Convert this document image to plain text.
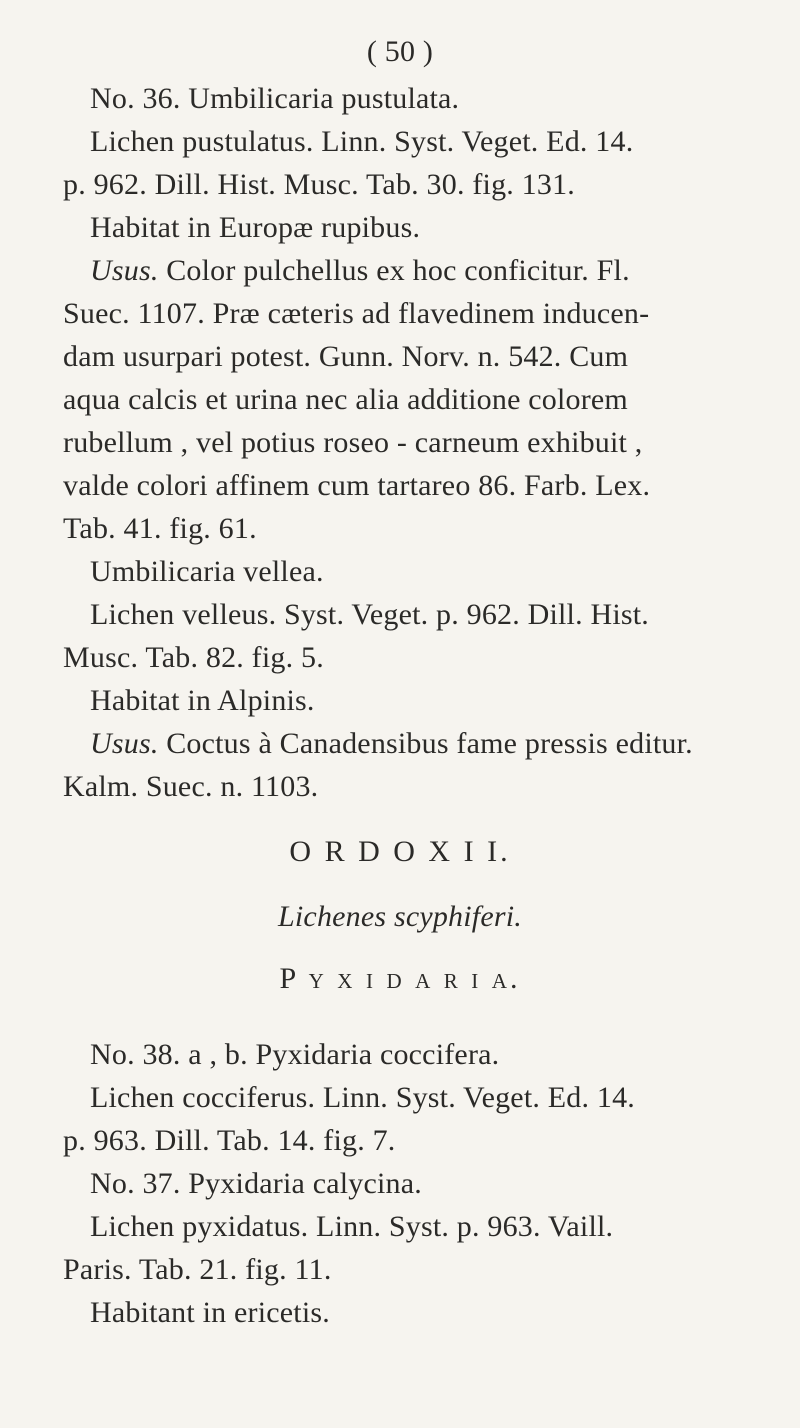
( 50 )
No. 36. Umbilicaria pustulata.
Lichen pustulatus. Linn. Syst. Veget. Ed. 14.
p. 962. Dill. Hist. Musc. Tab. 30. fig. 131.
Habitat in Europæ rupibus.
Usus. Color pulchellus ex hoc conficitur. Fl.
Suec. 1107. Præ cæteris ad flavedinem inducen-
dam usurpari potest. Gunn. Norv. n. 542. Cum
aqua calcis et urina nec alia additione colorem
rubellum , vel potius roseo - carneum exhibuit ,
valde colori affinem cum tartareo 86. Farb. Lex.
Tab. 41. fig. 61.
Umbilicaria vellea.
Lichen velleus. Syst. Veget. p. 962. Dill. Hist.
Musc. Tab. 82. fig. 5.
Habitat in Alpinis.
Usus. Coctus à Canadensibus fame pressis editur.
Kalm. Suec. n. 1103.
O R D O X I I.
Lichenes scyphiferi.
P y x i d a r i a.
No. 38. a , b. Pyxidaria coccifera.
Lichen cocciferus. Linn. Syst. Veget. Ed. 14.
p. 963. Dill. Tab. 14. fig. 7.
No. 37. Pyxidaria calycina.
Lichen pyxidatus. Linn. Syst. p. 963. Vaill.
Paris. Tab. 21. fig. 11.
Habitant in ericetis.
